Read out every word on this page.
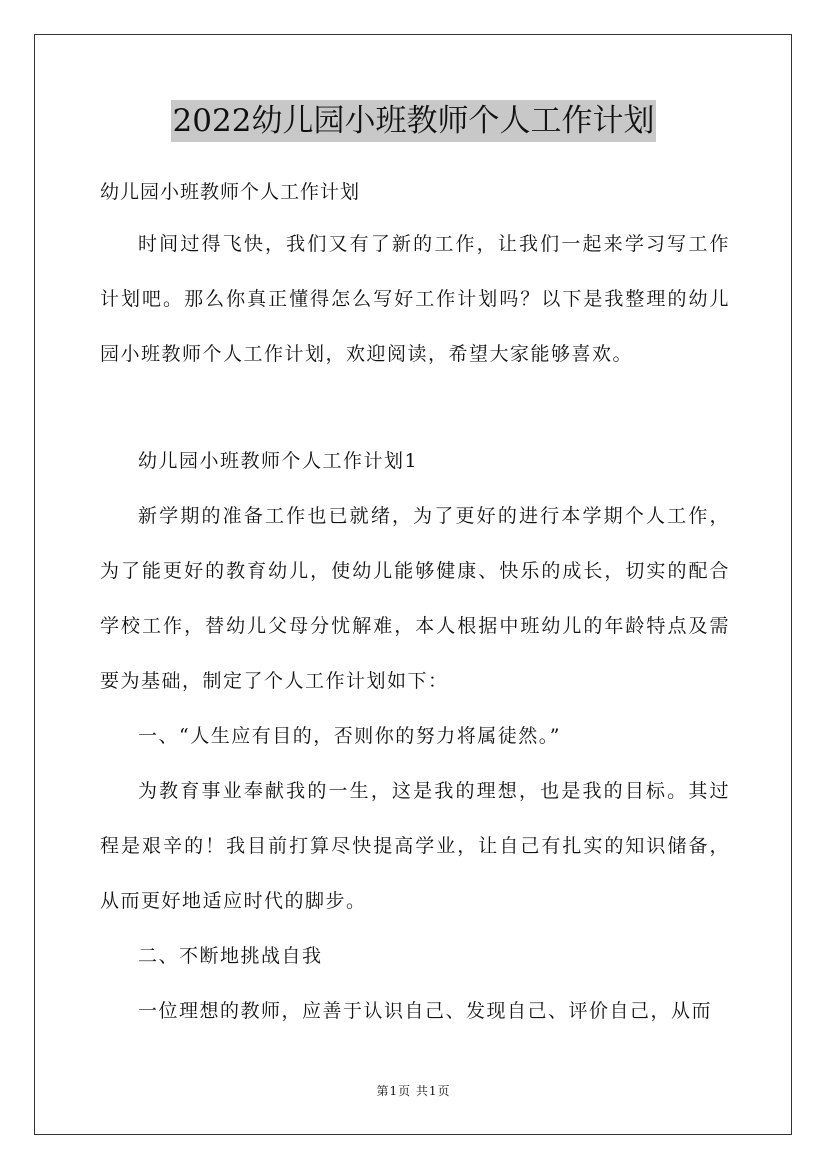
2022幼儿园小班教师个人工作计划

幼儿园小班教师个人工作计划

时间过得飞快，我们又有了新的工作，让我们一起来学习写工作计划吧。那么你真正懂得怎么写好工作计划吗？以下是我整理的幼儿园小班教师个人工作计划，欢迎阅读，希望大家能够喜欢。

幼儿园小班教师个人工作计划1

新学期的准备工作也已就绪，为了更好的进行本学期个人工作，为了能更好的教育幼儿，使幼儿能够健康、快乐的成长，切实的配合学校工作，替幼儿父母分忧解难，本人根据中班幼儿的年龄特点及需要为基础，制定了个人工作计划如下：

一、“人生应有目的，否则你的努力将属徒然。”

为教育事业奉献我的一生，这是我的理想，也是我的目标。其过程是艰辛的！我目前打算尽快提高学业，让自己有扎实的知识储备，从而更好地适应时代的脚步。

二、不断地挑战自我

一位理想的教师，应善于认识自己、发现自己、评价自己，从而

第1页 共1页
